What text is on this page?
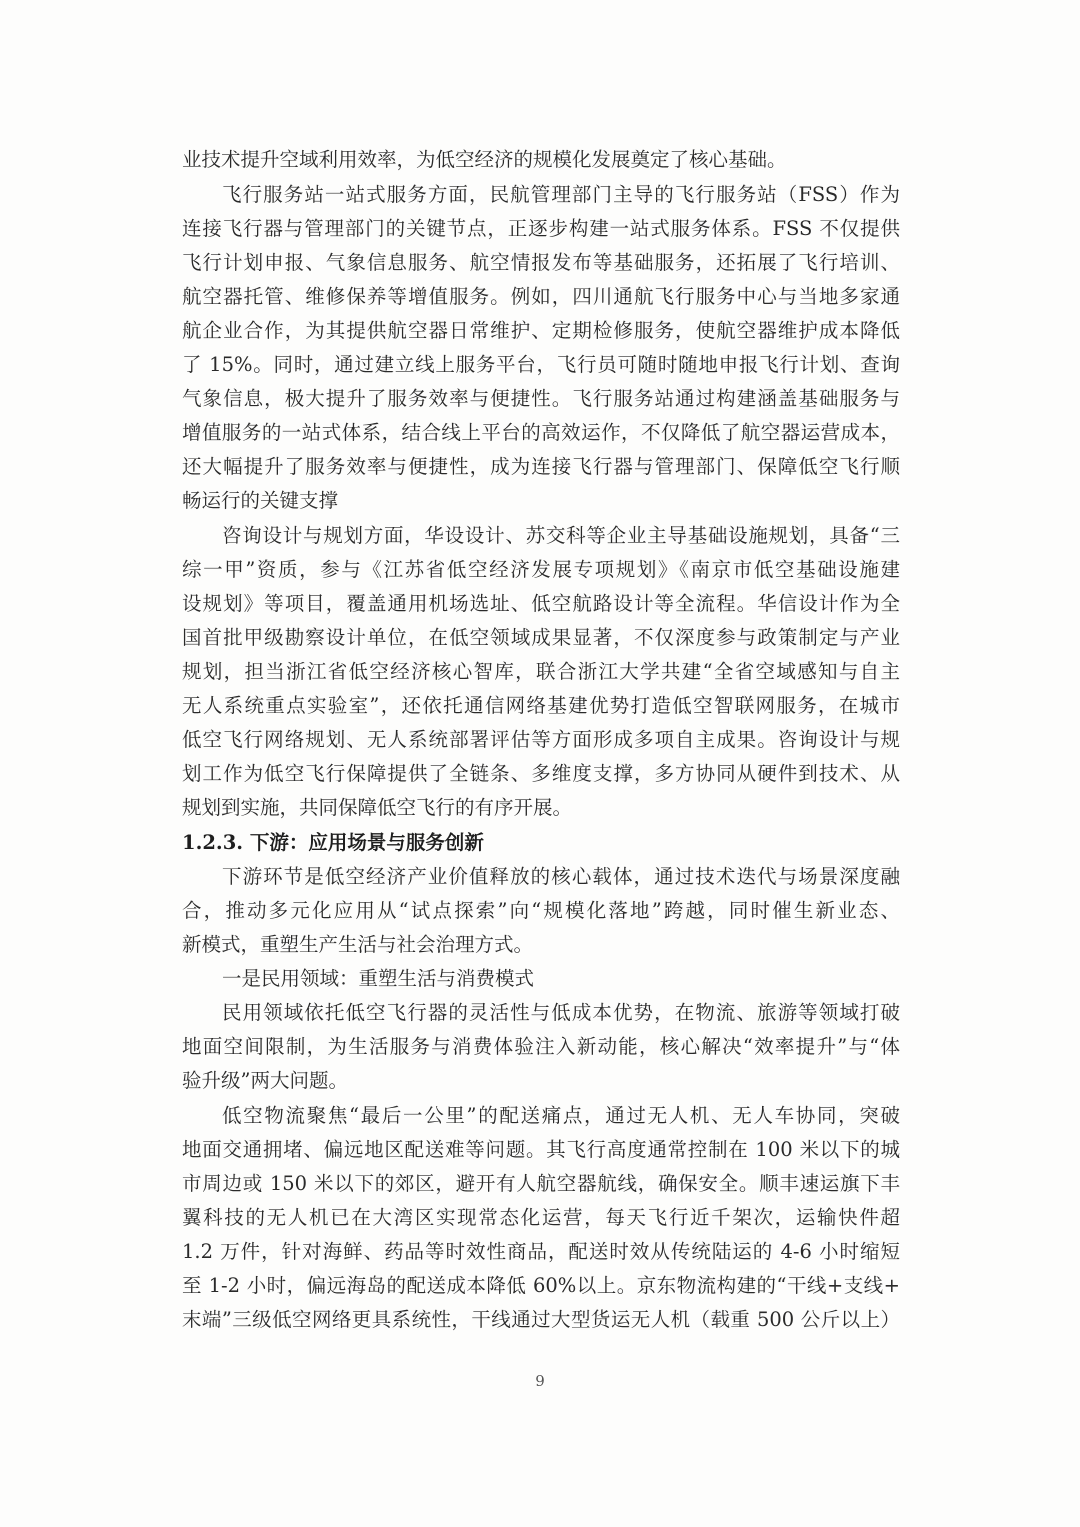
业技术提升空域利用效率，为低空经济的规模化发展奠定了核心基础。
飞行服务站一站式服务方面，民航管理部门主导的飞行服务站（FSS）作为
连接飞行器与管理部门的关键节点，正逐步构建一站式服务体系。FSS 不仅提供
飞行计划申报、气象信息服务、航空情报发布等基础服务，还拓展了飞行培训、
航空器托管、维修保养等增值服务。例如，四川通航飞行服务中心与当地多家通
航企业合作，为其提供航空器日常维护、定期检修服务，使航空器维护成本降低
了 15%。同时，通过建立线上服务平台，飞行员可随时随地申报飞行计划、查询
气象信息，极大提升了服务效率与便捷性。飞行服务站通过构建涵盖基础服务与
增值服务的一站式体系，结合线上平台的高效运作，不仅降低了航空器运营成本，
还大幅提升了服务效率与便捷性，成为连接飞行器与管理部门、保障低空飞行顺
畅运行的关键支撑
咨询设计与规划方面，华设设计、苏交科等企业主导基础设施规划，具备“三
综一甲”资质，参与《江苏省低空经济发展专项规划》《南京市低空基础设施建
设规划》等项目，覆盖通用机场选址、低空航路设计等全流程。华信设计作为全
国首批甲级勘察设计单位，在低空领域成果显著，不仅深度参与政策制定与产业
规划，担当浙江省低空经济核心智库，联合浙江大学共建“全省空域感知与自主
无人系统重点实验室”，还依托通信网络基建优势打造低空智联网服务，在城市
低空飞行网络规划、无人系统部署评估等方面形成多项自主成果。咨询设计与规
划工作为低空飞行保障提供了全链条、多维度支撑，多方协同从硬件到技术、从
规划到实施，共同保障低空飞行的有序开展。
1.2.3. 下游：应用场景与服务创新
下游环节是低空经济产业价值释放的核心载体，通过技术迭代与场景深度融
合，推动多元化应用从“试点探索”向“规模化落地”跨越，同时催生新业态、
新模式，重塑生产生活与社会治理方式。
一是民用领域：重塑生活与消费模式
民用领域依托低空飞行器的灵活性与低成本优势，在物流、旅游等领域打破
地面空间限制，为生活服务与消费体验注入新动能，核心解决“效率提升”与“体
验升级”两大问题。
低空物流聚焦“最后一公里”的配送痛点，通过无人机、无人车协同，突破
地面交通拥堵、偏远地区配送难等问题。其飞行高度通常控制在 100 米以下的城
市周边或 150 米以下的郊区，避开有人航空器航线，确保安全。顺丰速运旗下丰
翼科技的无人机已在大湾区实现常态化运营，每天飞行近千架次，运输快件超
1.2 万件，针对海鲜、药品等时效性商品，配送时效从传统陆运的 4-6 小时缩短
至 1-2 小时，偏远海岛的配送成本降低 60%以上。京东物流构建的“干线+支线+
末端”三级低空网络更具系统性，干线通过大型货运无人机（载重 500 公斤以上）
9
